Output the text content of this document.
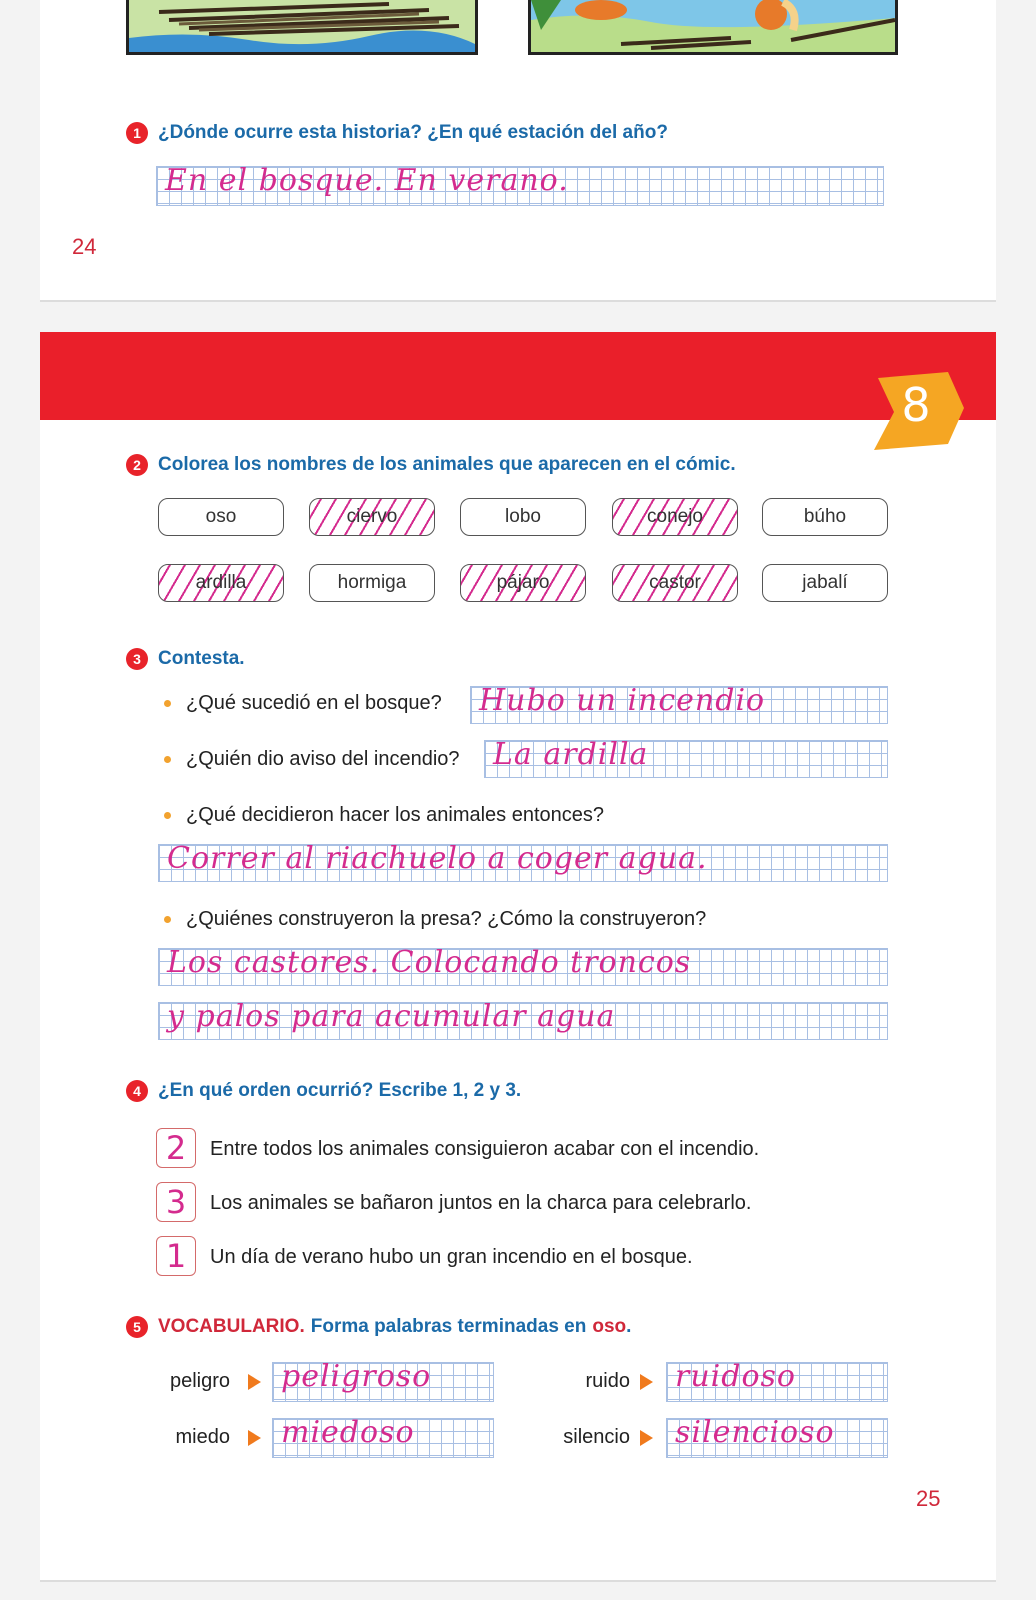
1 ¿Dónde ocurre esta historia? ¿En qué estación del año?
En el bosque. En verano.
24
8
2 Colorea los nombres de los animales que aparecen en el cómic.
oso	ciervo	lobo	conejo	búho
ardilla	hormiga	pájaro	castor	jabalí
3 Contesta.
¿Qué sucedió en el bosque? Hubo un incendio
¿Quién dio aviso del incendio? La ardilla
¿Qué decidieron hacer los animales entonces?
Correr al riachuelo a coger agua.
¿Quiénes construyeron la presa? ¿Cómo la construyeron?
Los castores. Colocando troncos
y palos para acumular agua
4 ¿En qué orden ocurrió? Escribe 1, 2 y 3.
2	Entre todos los animales consiguieron acabar con el incendio.
3	Los animales se bañaron juntos en la charca para celebrarlo.
1	Un día de verano hubo un gran incendio en el bosque.
5 VOCABULARIO. Forma palabras terminadas en oso .
peligro peligroso	ruido ruidoso
miedo miedoso	silencio silencioso
25
